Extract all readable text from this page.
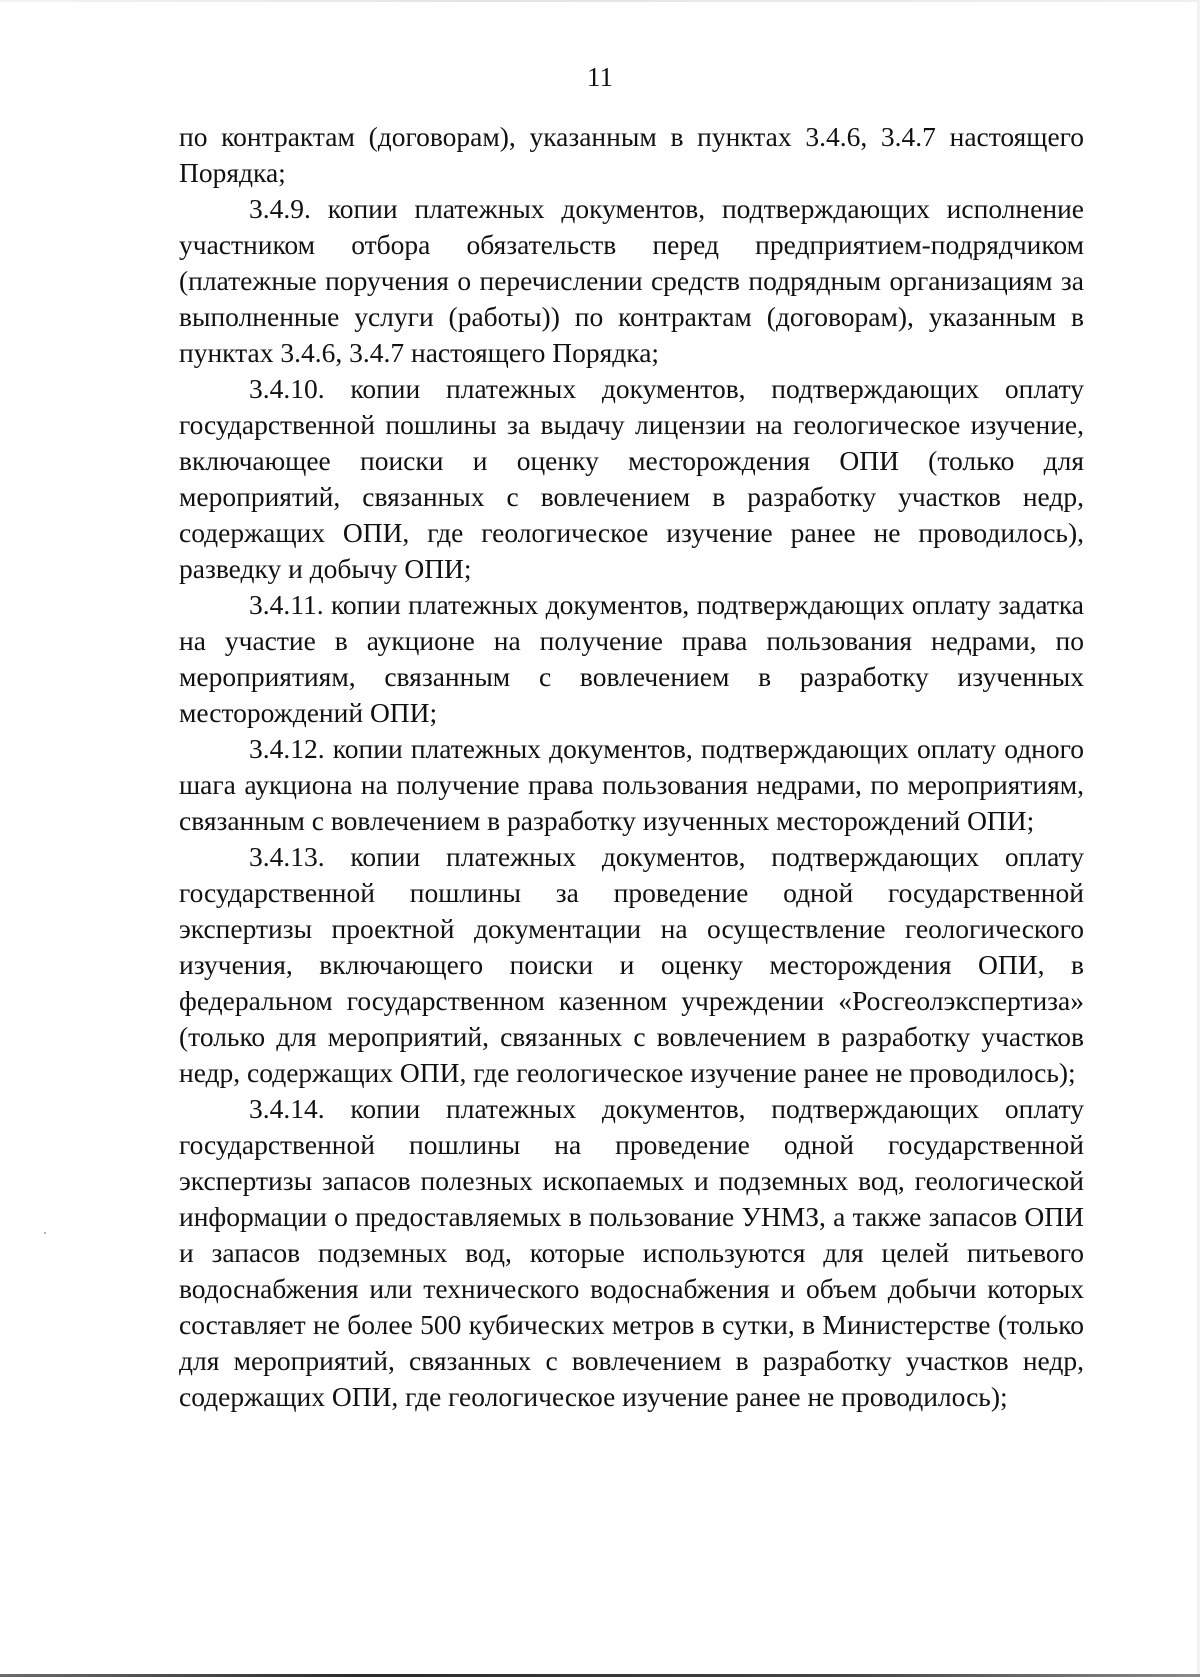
11

по контрактам (договорам), указанным в пунктах 3.4.6, 3.4.7 настоящего Порядка;

3.4.9. копии платежных документов, подтверждающих исполнение участником отбора обязательств перед предприятием-подрядчиком (платежные поручения о перечислении средств подрядным организациям за выполненные услуги (работы)) по контрактам (договорам), указанным в пунктах 3.4.6, 3.4.7 настоящего Порядка;

3.4.10. копии платежных документов, подтверждающих оплату государственной пошлины за выдачу лицензии на геологическое изучение, включающее поиски и оценку месторождения ОПИ (только для мероприятий, связанных с вовлечением в разработку участков недр, содержащих ОПИ, где геологическое изучение ранее не проводилось), разведку и добычу ОПИ;

3.4.11. копии платежных документов, подтверждающих оплату задатка на участие в аукционе на получение права пользования недрами, по мероприятиям, связанным с вовлечением в разработку изученных месторождений ОПИ;

3.4.12. копии платежных документов, подтверждающих оплату одного шага аукциона на получение права пользования недрами, по мероприятиям, связанным с вовлечением в разработку изученных месторождений ОПИ;

3.4.13. копии платежных документов, подтверждающих оплату государственной пошлины за проведение одной государственной экспертизы проектной документации на осуществление геологического изучения, включающего поиски и оценку месторождения ОПИ, в федеральном государственном казенном учреждении «Росгеолэкспертиза» (только для мероприятий, связанных с вовлечением в разработку участков недр, содержащих ОПИ, где геологическое изучение ранее не проводилось);

3.4.14. копии платежных документов, подтверждающих оплату государственной пошлины на проведение одной государственной экспертизы запасов полезных ископаемых и подземных вод, геологической информации о предоставляемых в пользование УНМЗ, а также запасов ОПИ и запасов подземных вод, которые используются для целей питьевого водоснабжения или технического водоснабжения и объем добычи которых составляет не более 500 кубических метров в сутки, в Министерстве (только для мероприятий, связанных с вовлечением в разработку участков недр, содержащих ОПИ, где геологическое изучение ранее не проводилось);
